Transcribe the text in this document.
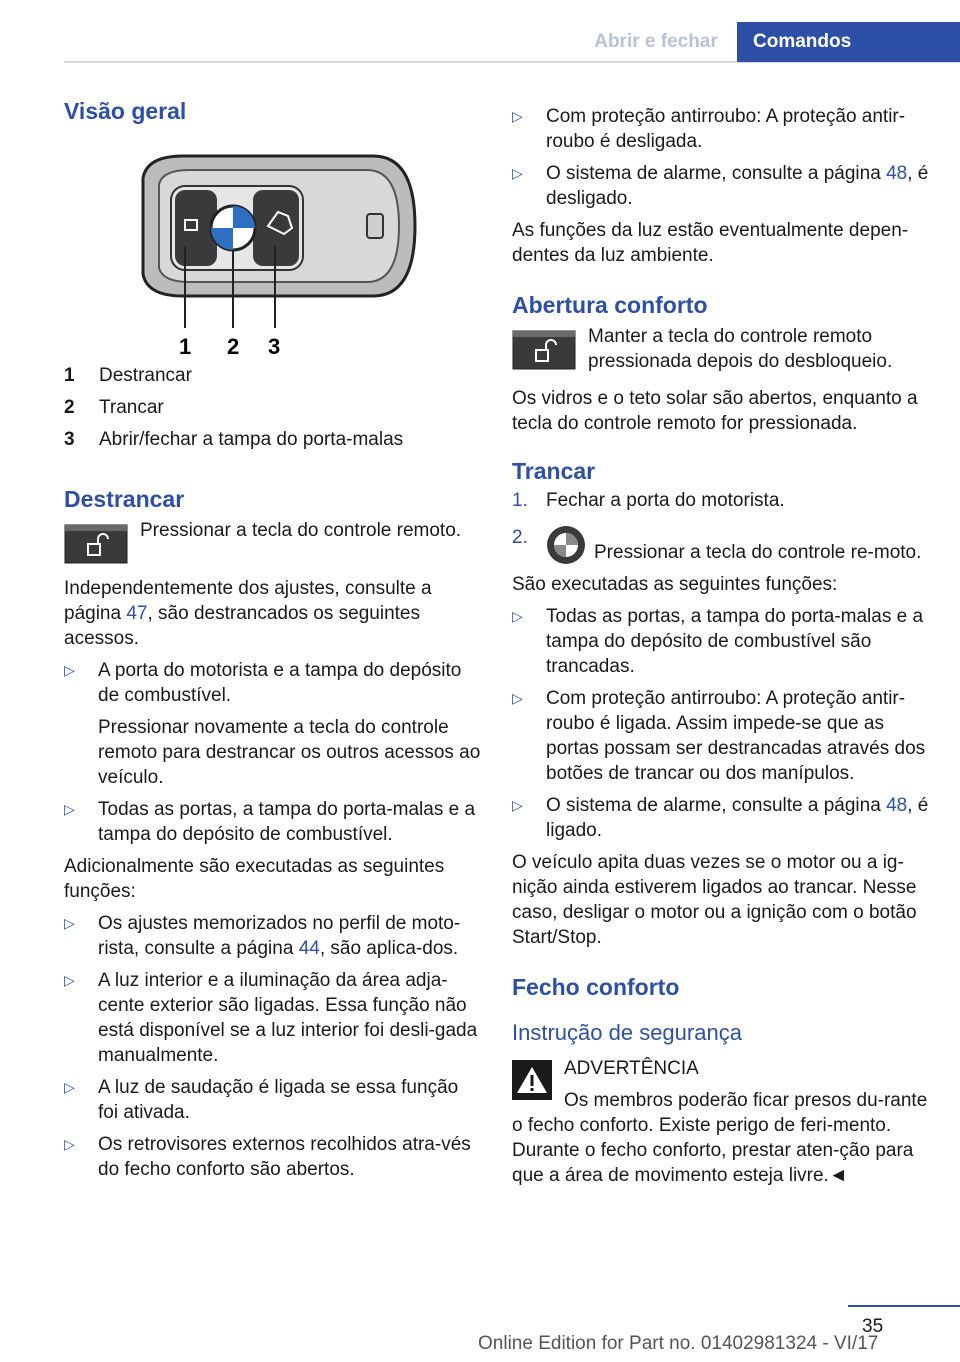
Abrir e fechar	Comandos
Visão geral
1 2 3
1	Destrancar
2	Trancar
3	Abrir/fechar a tampa do porta-malas
Destrancar

Pressionar a tecla do controle remoto.

Independentemente dos ajustes, consulte a página 47, são destrancados os seguintes acessos.

▷	A porta do motorista e a tampa do depósito de combustível.

Pressionar novamente a tecla do controle remoto para destrancar os outros acessos ao veículo.
▷	Todas as portas, a tampa do porta-malas e a tampa do depósito de combustível.

Adicionalmente são executadas as seguintes funções:

▷	Os ajustes memorizados no perfil de moto-rista, consulte a página 44, são aplica-dos.
▷	A luz interior e a iluminação da área adja-cente exterior são ligadas. Essa função não está disponível se a luz interior foi desli-gada manualmente.
▷	A luz de saudação é ligada se essa função foi ativada.
▷	Os retrovisores externos recolhidos atra-vés do fecho conforto são abertos.
▷	Com proteção antirroubo: A proteção antir-roubo é desligada.
▷	O sistema de alarme, consulte a página 48, é desligado.

As funções da luz estão eventualmente depen-dentes da luz ambiente.

Abertura conforto

Manter a tecla do controle remoto pressionada depois do desbloqueio.

Os vidros e o teto solar são abertos, enquanto a tecla do controle remoto for pressionada.

Trancar
1. Fechar a porta do motorista.
2.
Pressionar a tecla do controle re-moto.

São executadas as seguintes funções:

▷	Todas as portas, a tampa do porta-malas e a tampa do depósito de combustível são trancadas.
▷	Com proteção antirroubo: A proteção antir-roubo é ligada. Assim impede-se que as portas possam ser destrancadas através dos botões de trancar ou dos manípulos.
▷	O sistema de alarme, consulte a página 48, é ligado.

O veículo apita duas vezes se o motor ou a ig-nição ainda estiverem ligados ao trancar. Nesse caso, desligar o motor ou a ignição com o botão Start/Stop.

Fecho conforto
Instrução de segurança

ADVERTÊNCIA

Os membros poderão ficar presos du-rante o fecho conforto. Existe perigo de feri-mento. Durante o fecho conforto, prestar aten-ção para que a área de movimento esteja livre.◄

35
Online Edition for Part no. 01402981324 - VI/17
